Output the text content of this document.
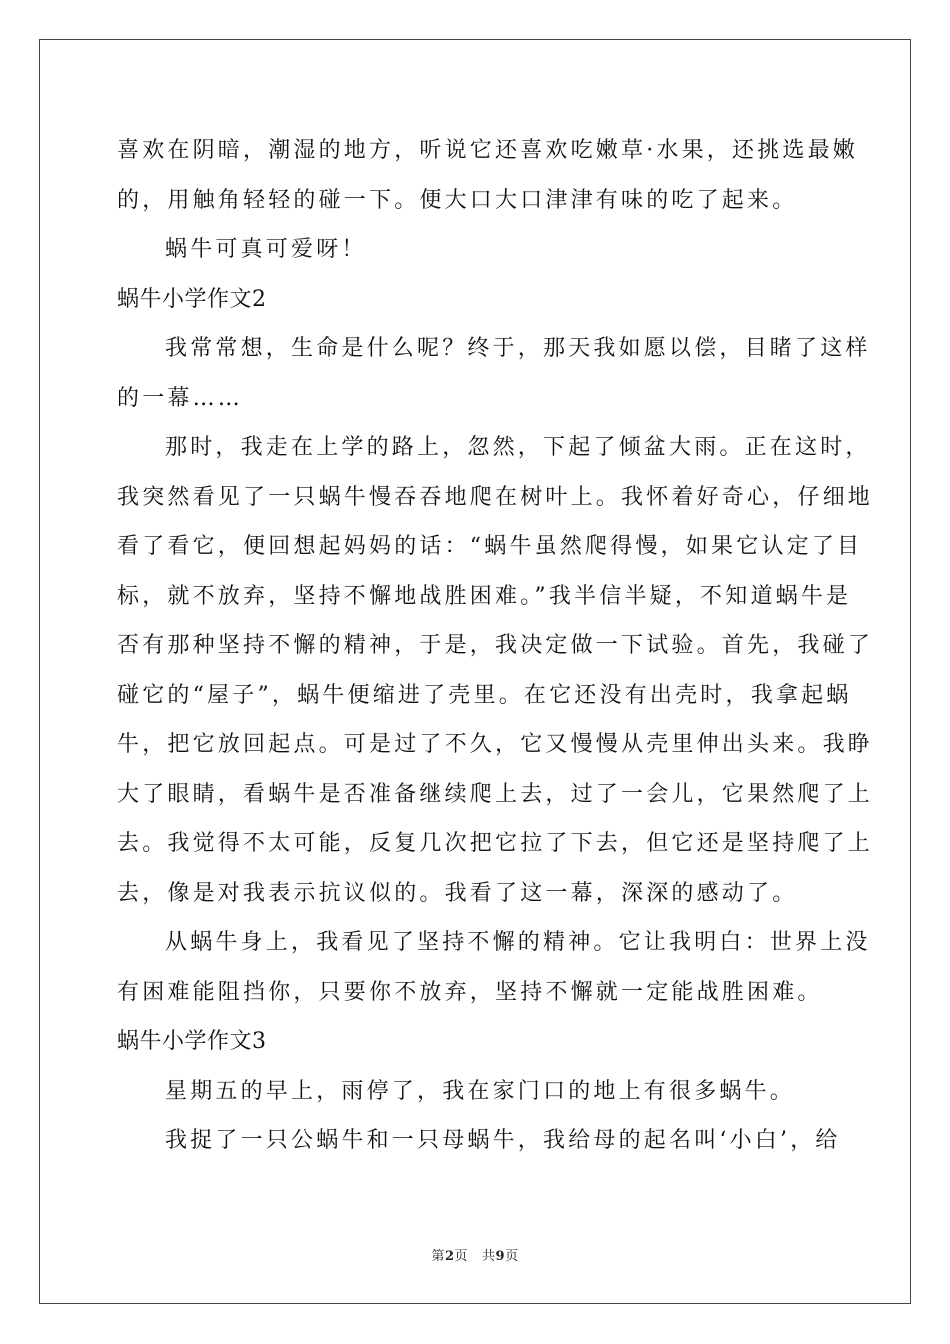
喜欢在阴暗，潮湿的地方，听说它还喜欢吃嫩草·水果，还挑选最嫩
的，用触角轻轻的碰一下。便大口大口津津有味的吃了起来。
蜗牛可真可爱呀！
蜗牛小学作文2
我常常想，生命是什么呢？终于，那天我如愿以偿，目睹了这样
的一幕……
那时，我走在上学的路上，忽然，下起了倾盆大雨。正在这时，
我突然看见了一只蜗牛慢吞吞地爬在树叶上。我怀着好奇心，仔细地
看了看它，便回想起妈妈的话：“蜗牛虽然爬得慢，如果它认定了目
标，就不放弃，坚持不懈地战胜困难。”我半信半疑，不知道蜗牛是
否有那种坚持不懈的精神，于是，我决定做一下试验。首先，我碰了
碰它的“屋子”，蜗牛便缩进了壳里。在它还没有出壳时，我拿起蜗
牛，把它放回起点。可是过了不久，它又慢慢从壳里伸出头来。我睁
大了眼睛，看蜗牛是否准备继续爬上去，过了一会儿，它果然爬了上
去。我觉得不太可能，反复几次把它拉了下去，但它还是坚持爬了上
去，像是对我表示抗议似的。我看了这一幕，深深的感动了。
从蜗牛身上，我看见了坚持不懈的精神。它让我明白：世界上没
有困难能阻挡你，只要你不放弃，坚持不懈就一定能战胜困难。
蜗牛小学作文3
星期五的早上，雨停了，我在家门口的地上有很多蜗牛。
我捉了一只公蜗牛和一只母蜗牛，我给母的起名叫‘小白’，给
第2页 共9页
